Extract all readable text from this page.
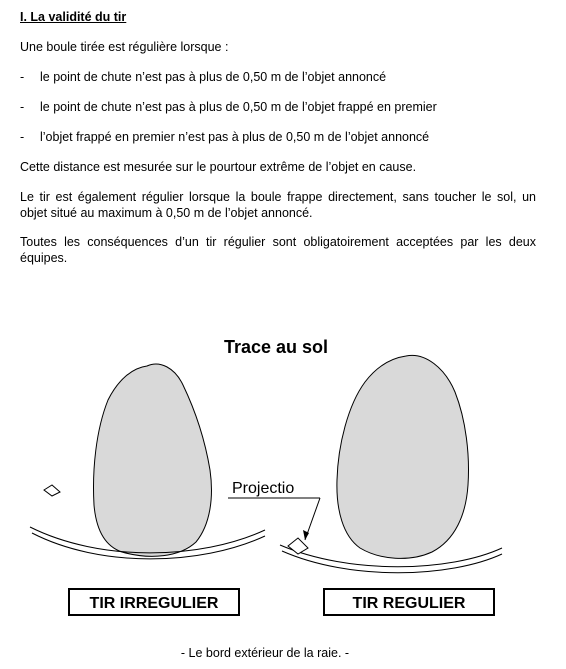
I. La validité du tir
Une boule tirée est régulière lorsque :
- le point de chute n’est pas à plus de 0,50 m de l’objet annoncé
- le point de chute n’est pas à plus de 0,50 m de l’objet frappé en premier
- l’objet frappé en premier n’est pas à plus de 0,50 m de l’objet annoncé
Cette distance est mesurée sur le pourtour extrême de l’objet en cause.
Le tir est également régulier lorsque la boule frappe directement, sans toucher le sol, un objet situé au maximum à 0,50 m de l’objet annoncé.
Toutes les conséquences d’un tir régulier sont obligatoirement acceptées par les deux équipes.
Trace au sol
Projectio
TIR IRREGULIER	TIR REGULIER
- Le bord extérieur de la raie. -
